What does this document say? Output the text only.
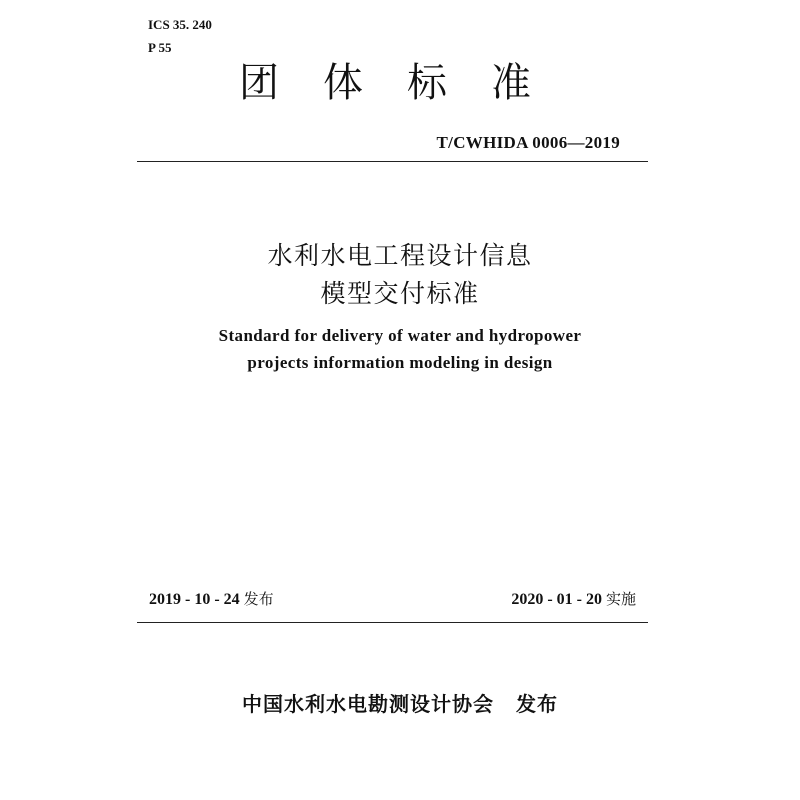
ICS 35. 240
P 55
团体标准
T/CWHIDA 0006—2019
水利水电工程设计信息
模型交付标准
Standard for delivery of water and hydropower
projects information modeling in design
2019 - 10 - 24 发布	2020 - 01 - 20 实施
中国水利水电勘测设计协会 发布
